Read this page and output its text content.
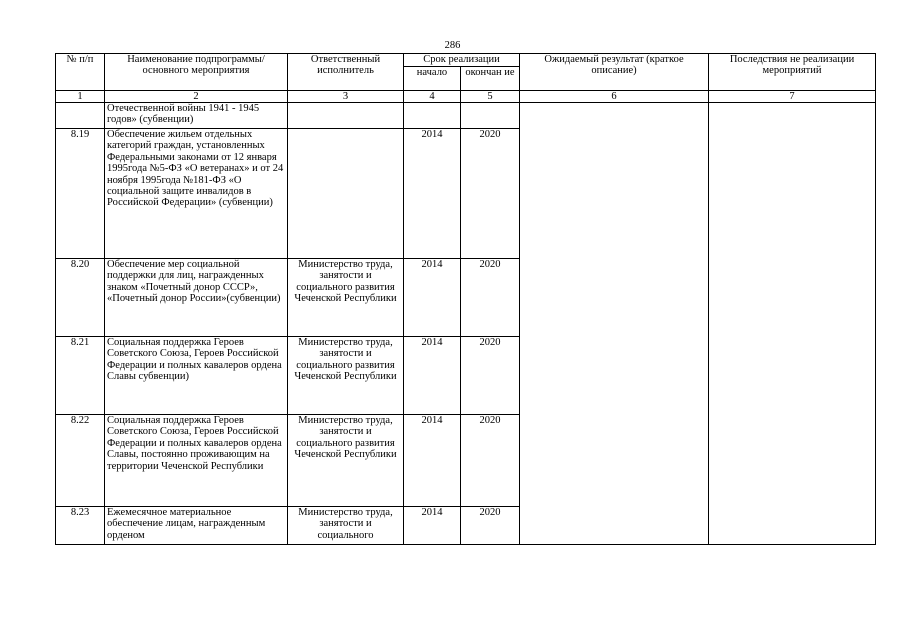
286
№ п/п	Наименование подпрограммы/ основного мероприятия	Ответственный исполнитель	Срок реализации		Ожидаемый результат (краткое описание)	Последствия не реализации мероприятий
			начало	окончан ие		
1	2	3	4	5	6	7
	Отечественной войны 1941 - 1945 годов» (субвенции)					
8.19	Обеспечение жильем отдельных категорий граждан, установленных Федеральными законами от 12 января 1995года №5-ФЗ «О ветеранах» и от 24 ноября 1995года №181-ФЗ «О социальной защите инвалидов в Российской Федерации» (субвенции)		2014	2020		
8.20	Обеспечение мер социальной поддержки для лиц, награжденных знаком «Почетный донор СССР», «Почетный донор России»(субвенции)	Министерство труда, занятости и социального развития Чеченской Республики	2014	2020		
8.21	Социальная поддержка Героев Советского Союза, Героев Российской Федерации и полных кавалеров ордена Славы субвенции)	Министерство труда, занятости и социального развития Чеченской Республики	2014	2020		
8.22	Социальная поддержка Героев Советского Союза, Героев Российской Федерации и полных кавалеров ордена Славы, постоянно проживающим на территории Чеченской Республики	Министерство труда, занятости и социального развития Чеченской Республики	2014	2020		
8.23	Ежемесячное материальное обеспечение лицам, награжденным орденом	Министерство труда, занятости и социального	2014	2020		
